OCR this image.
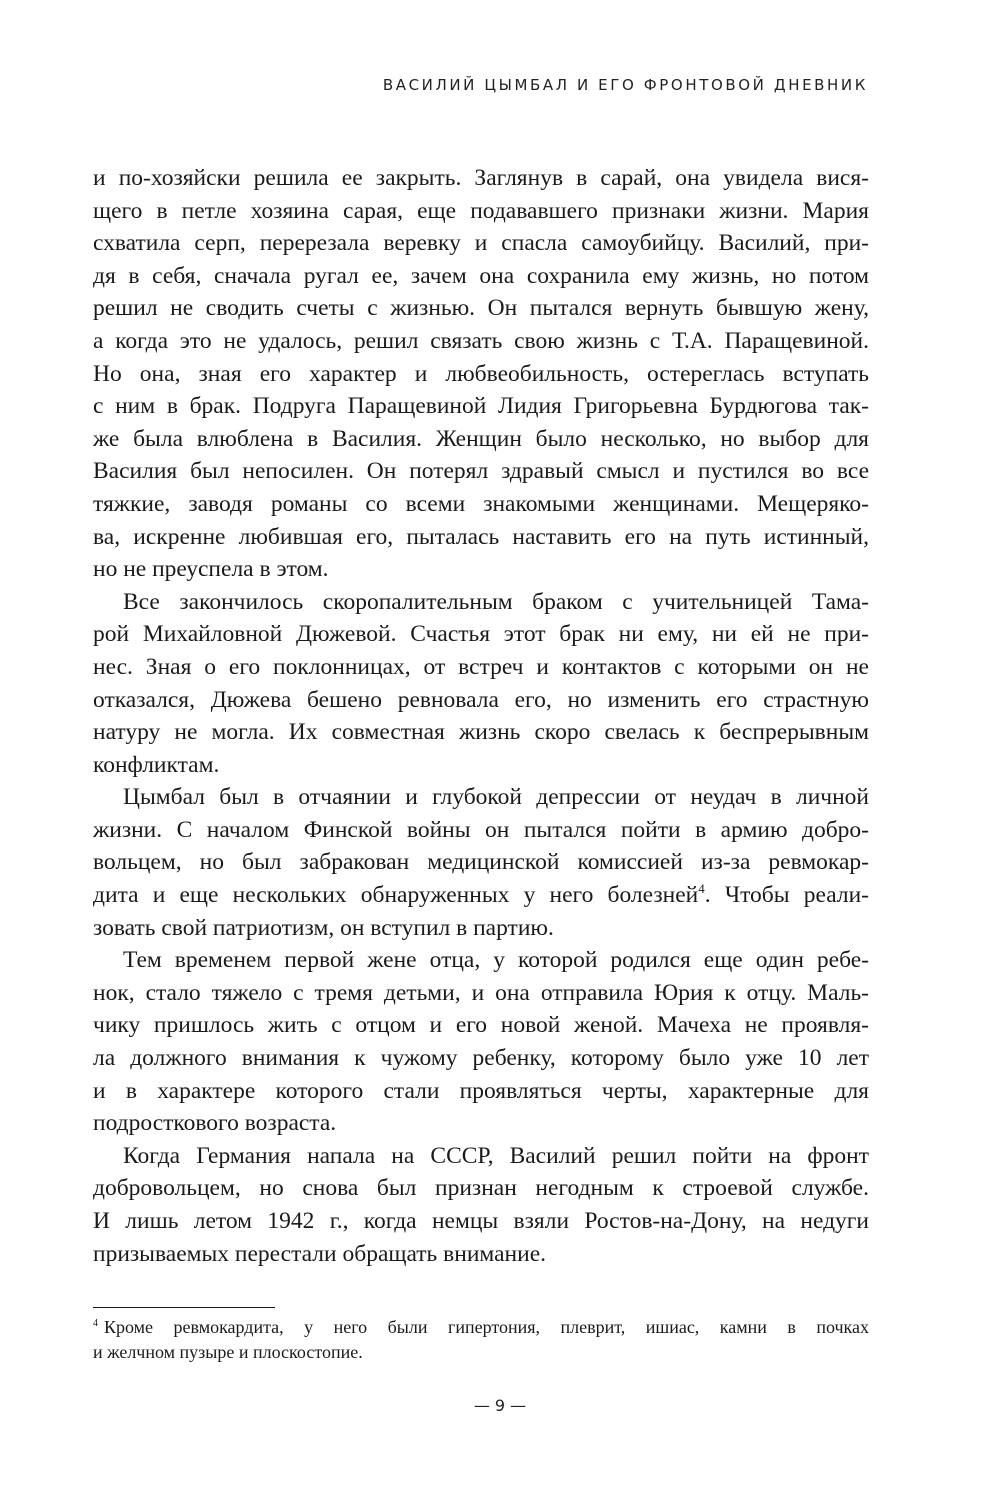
ВАСИЛИЙ ЦЫМБАЛ И ЕГО ФРОНТОВОЙ ДНЕВНИК
и по-хозяйски решила ее закрыть. Заглянув в сарай, она увидела вися-
щего в петле хозяина сарая, еще подававшего признаки жизни. Мария
схватила серп, перерезала веревку и спасла самоубийцу. Василий, при-
дя в себя, сначала ругал ее, зачем она сохранила ему жизнь, но потом
решил не сводить счеты с жизнью. Он пытался вернуть бывшую жену,
а когда это не удалось, решил связать свою жизнь с Т.А. Паращевиной.
Но она, зная его характер и любвеобильность, остереглась вступать
с ним в брак. Подруга Паращевиной Лидия Григорьевна Бурдюгова так-
же была влюблена в Василия. Женщин было несколько, но выбор для
Василия был непосилен. Он потерял здравый смысл и пустился во все
тяжкие, заводя романы со всеми знакомыми женщинами. Мещеряко-
ва, искренне любившая его, пыталась наставить его на путь истинный,
но не преуспела в этом.
Все закончилось скоропалительным браком с учительницей Тама-
рой Михайловной Дюжевой. Счастья этот брак ни ему, ни ей не при-
нес. Зная о его поклонницах, от встреч и контактов с которыми он не
отказался, Дюжева бешено ревновала его, но изменить его страстную
натуру не могла. Их совместная жизнь скоро свелась к беспрерывным
конфликтам.
Цымбал был в отчаянии и глубокой депрессии от неудач в личной
жизни. С началом Финской войны он пытался пойти в армию добро-
вольцем, но был забракован медицинской комиссией из-за ревмокар-
дита и еще нескольких обнаруженных у него болезней$^4$. Чтобы реали-
зовать свой патриотизм, он вступил в партию.
Тем временем первой жене отца, у которой родился еще один ребе-
нок, стало тяжело с тремя детьми, и она отправила Юрия к отцу. Маль-
чику пришлось жить с отцом и его новой женой. Мачеха не проявля-
ла должного внимания к чужому ребенку, которому было уже 10 лет
и в характере которого стали проявляться черты, характерные для
подросткового возраста.
Когда Германия напала на СССР, Василий решил пойти на фронт
добровольцем, но снова был признан негодным к строевой службе.
И лишь летом 1942 г., когда немцы взяли Ростов-на-Дону, на недуги
призываемых перестали обращать внимание.
$^4$ Кроме ревмокардита, у него были гипертония, плеврит, ишиас, камни в почках
и желчном пузыре и плоскостопие.
— 9 —
